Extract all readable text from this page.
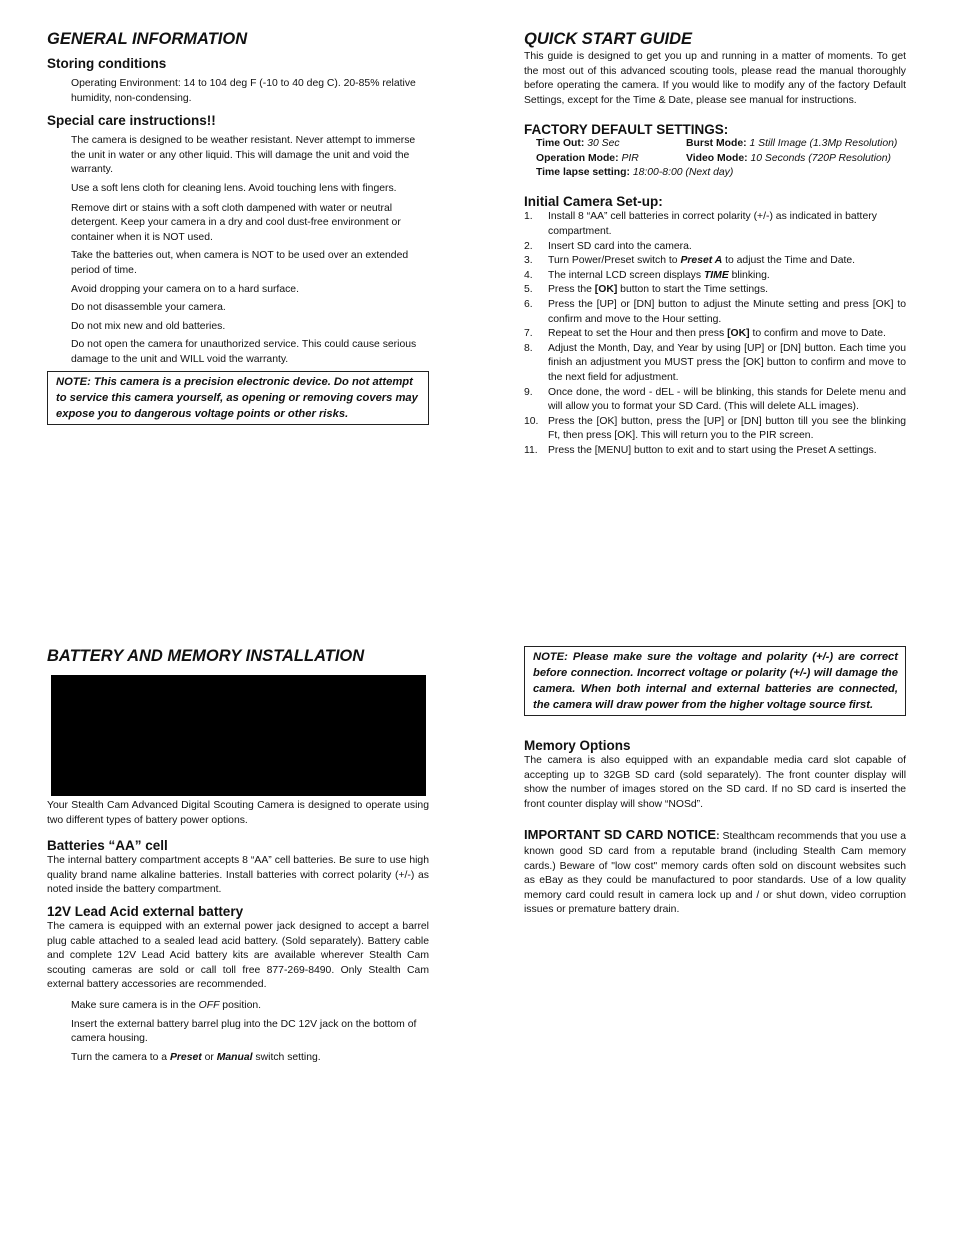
GENERAL INFORMATION
Storing conditions

Operating Environment: 14 to 104 deg F (-10 to 40 deg C). 20-85% relative humidity, non-condensing.

Special care instructions!!

The camera is designed to be weather resistant. Never attempt to immerse the unit in water or any other liquid. This will damage the unit and void the warranty.

Use a soft lens cloth for cleaning lens. Avoid touching lens with fingers.

Remove dirt or stains with a soft cloth dampened with water or neutral detergent. Keep your camera in a dry and cool dust-free environment or container when it is NOT used.

Take the batteries out, when camera is NOT to be used over an extended period of time.

Avoid dropping your camera on to a hard surface.

Do not disassemble your camera.

Do not mix new and old batteries.

Do not open the camera for unauthorized service. This could cause serious damage to the unit and WILL void the warranty.

NOTE: This camera is a precision electronic device. Do not attempt to service this camera yourself, as opening or removing covers may expose you to dangerous voltage points or other risks.
QUICK START GUIDE

This guide is designed to get you up and running in a matter of moments. To get the most out of this advanced scouting tools, please read the manual thoroughly before operating the camera. If you would like to modify any of the factory Default Settings, except for the Time & Date, please see manual for instructions.

FACTORY DEFAULT SETTINGS:
Time Out: 30 Sec	Burst Mode: 1 Still Image (1.3Mp Resolution)
Operation Mode: PIR	Video Mode: 10 Seconds (720P Resolution)
Time lapse setting: 18:00-8:00 (Next day)
Initial Camera Set-up:
1. Install 8 “AA” cell batteries in correct polarity (+/-) as indicated in battery compartment.
2. Insert SD card into the camera.
3. Turn Power/Preset switch to Preset A to adjust the Time and Date.
4. The internal LCD screen displays TIME blinking.
5. Press the [OK] button to start the Time settings.
6. Press the [UP] or [DN] button to adjust the Minute setting and press [OK] to confirm and move to the Hour setting.
7. Repeat to set the Hour and then press [OK] to confirm and move to Date.
8. Adjust the Month, Day, and Year by using [UP] or [DN] button. Each time you finish an adjustment you MUST press the [OK] button to confirm and move to the next field for adjustment.
9. Once done, the word - dEL - will be blinking, this stands for Delete menu and will allow you to format your SD Card. (This will delete ALL images).
10. Press the [OK] button, press the [UP] or [DN] button till you see the blinking Ft, then press [OK]. This will return you to the PIR screen.
11. Press the [MENU] button to exit and to start using the Preset A settings.
BATTERY AND MEMORY INSTALLATION

Your Stealth Cam Advanced Digital Scouting Camera is designed to operate using two different types of battery power options.

Batteries “AA” cell

The internal battery compartment accepts 8 “AA” cell batteries. Be sure to use high quality brand name alkaline batteries. Install batteries with correct polarity (+/-) as noted inside the battery compartment.

12V Lead Acid external battery

The camera is equipped with an external power jack designed to accept a barrel plug cable attached to a sealed lead acid battery. (Sold separately). Battery cable and complete 12V Lead Acid battery kits are available wherever Stealth Cam scouting cameras are sold or call toll free 877-269-8490. Only Stealth Cam external battery accessories are recommended.

Make sure camera is in the OFF position.

Insert the external battery barrel plug into the DC 12V jack on the bottom of camera housing.

Turn the camera to a Preset or Manual switch setting.

NOTE: Please make sure the voltage and polarity (+/-) are correct before connection. Incorrect voltage or polarity (+/-) will damage the camera. When both internal and external batteries are connected, the camera will draw power from the higher voltage source first.
Memory Options

The camera is also equipped with an expandable media card slot capable of accepting up to 32GB SD card (sold separately). The front counter display will show the number of images stored on the SD card. If no SD card is inserted the front counter display will show “NOSd”.

IMPORTANT SD CARD NOTICE: Stealthcam recommends that you use a known good SD card from a reputable brand (including Stealth Cam memory cards.) Beware of "low cost" memory cards often sold on discount websites such as eBay as they could be manufactured to poor standards. Use of a low quality memory card could result in camera lock up and / or shut down, video corruption issues or premature battery drain.
